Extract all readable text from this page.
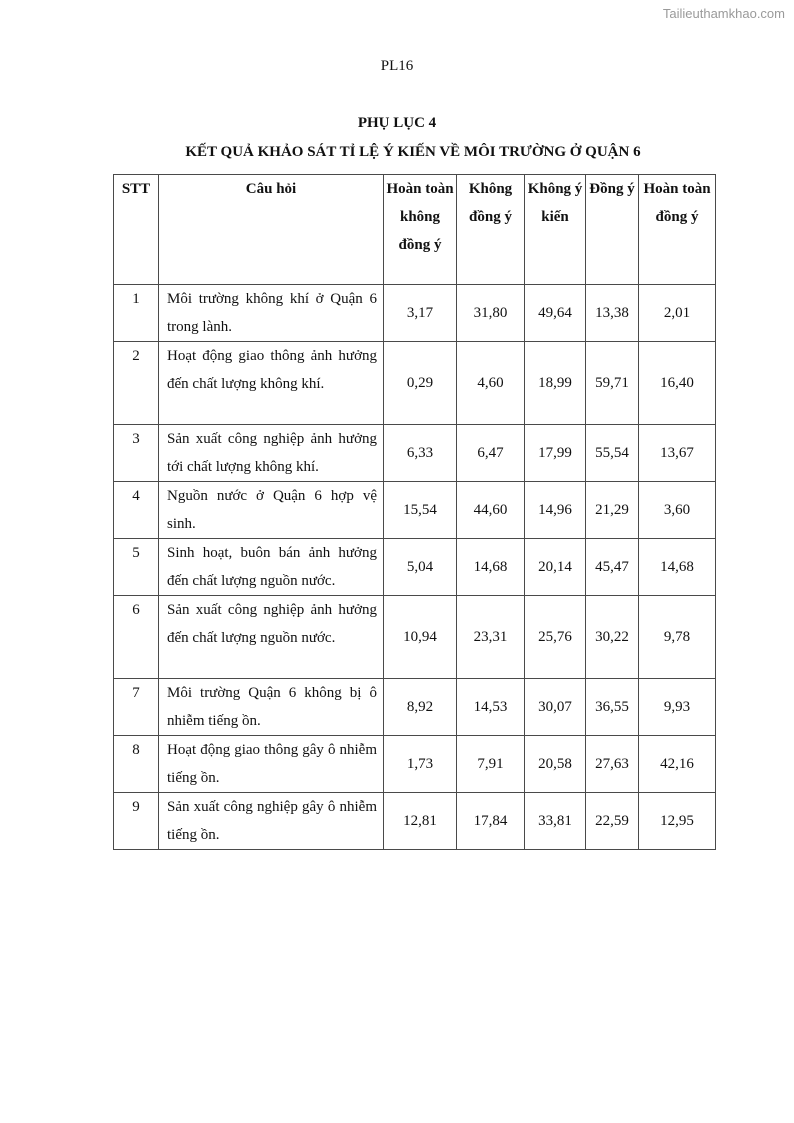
Tailieuthamkhao.com
PL16
PHỤ LỤC 4
KẾT QUẢ KHẢO SÁT TỈ LỆ Ý KIẾN VỀ MÔI TRƯỜNG Ở QUẬN 6
STT	Câu hỏi	Hoàn toàn không đồng ý	Không đồng ý	Không ý kiến	Đồng ý	Hoàn toàn đồng ý
1	Môi trường không khí ở Quận 6 trong lành.	3,17	31,80	49,64	13,38	2,01
2	Hoạt động giao thông ảnh hưởng đến chất lượng không khí.	0,29	4,60	18,99	59,71	16,40
3	Sản xuất công nghiệp ảnh hưởng tới chất lượng không khí.	6,33	6,47	17,99	55,54	13,67
4	Nguồn nước ở Quận 6 hợp vệ sinh.	15,54	44,60	14,96	21,29	3,60
5	Sinh hoạt, buôn bán ảnh hưởng đến chất lượng nguồn nước.	5,04	14,68	20,14	45,47	14,68
6	Sản xuất công nghiệp ảnh hưởng đến chất lượng nguồn nước.	10,94	23,31	25,76	30,22	9,78
7	Môi trường Quận 6 không bị ô nhiễm tiếng ồn.	8,92	14,53	30,07	36,55	9,93
8	Hoạt động giao thông gây ô nhiễm tiếng ồn.	1,73	7,91	20,58	27,63	42,16
9	Sản xuất công nghiệp gây ô nhiễm tiếng ồn.	12,81	17,84	33,81	22,59	12,95
